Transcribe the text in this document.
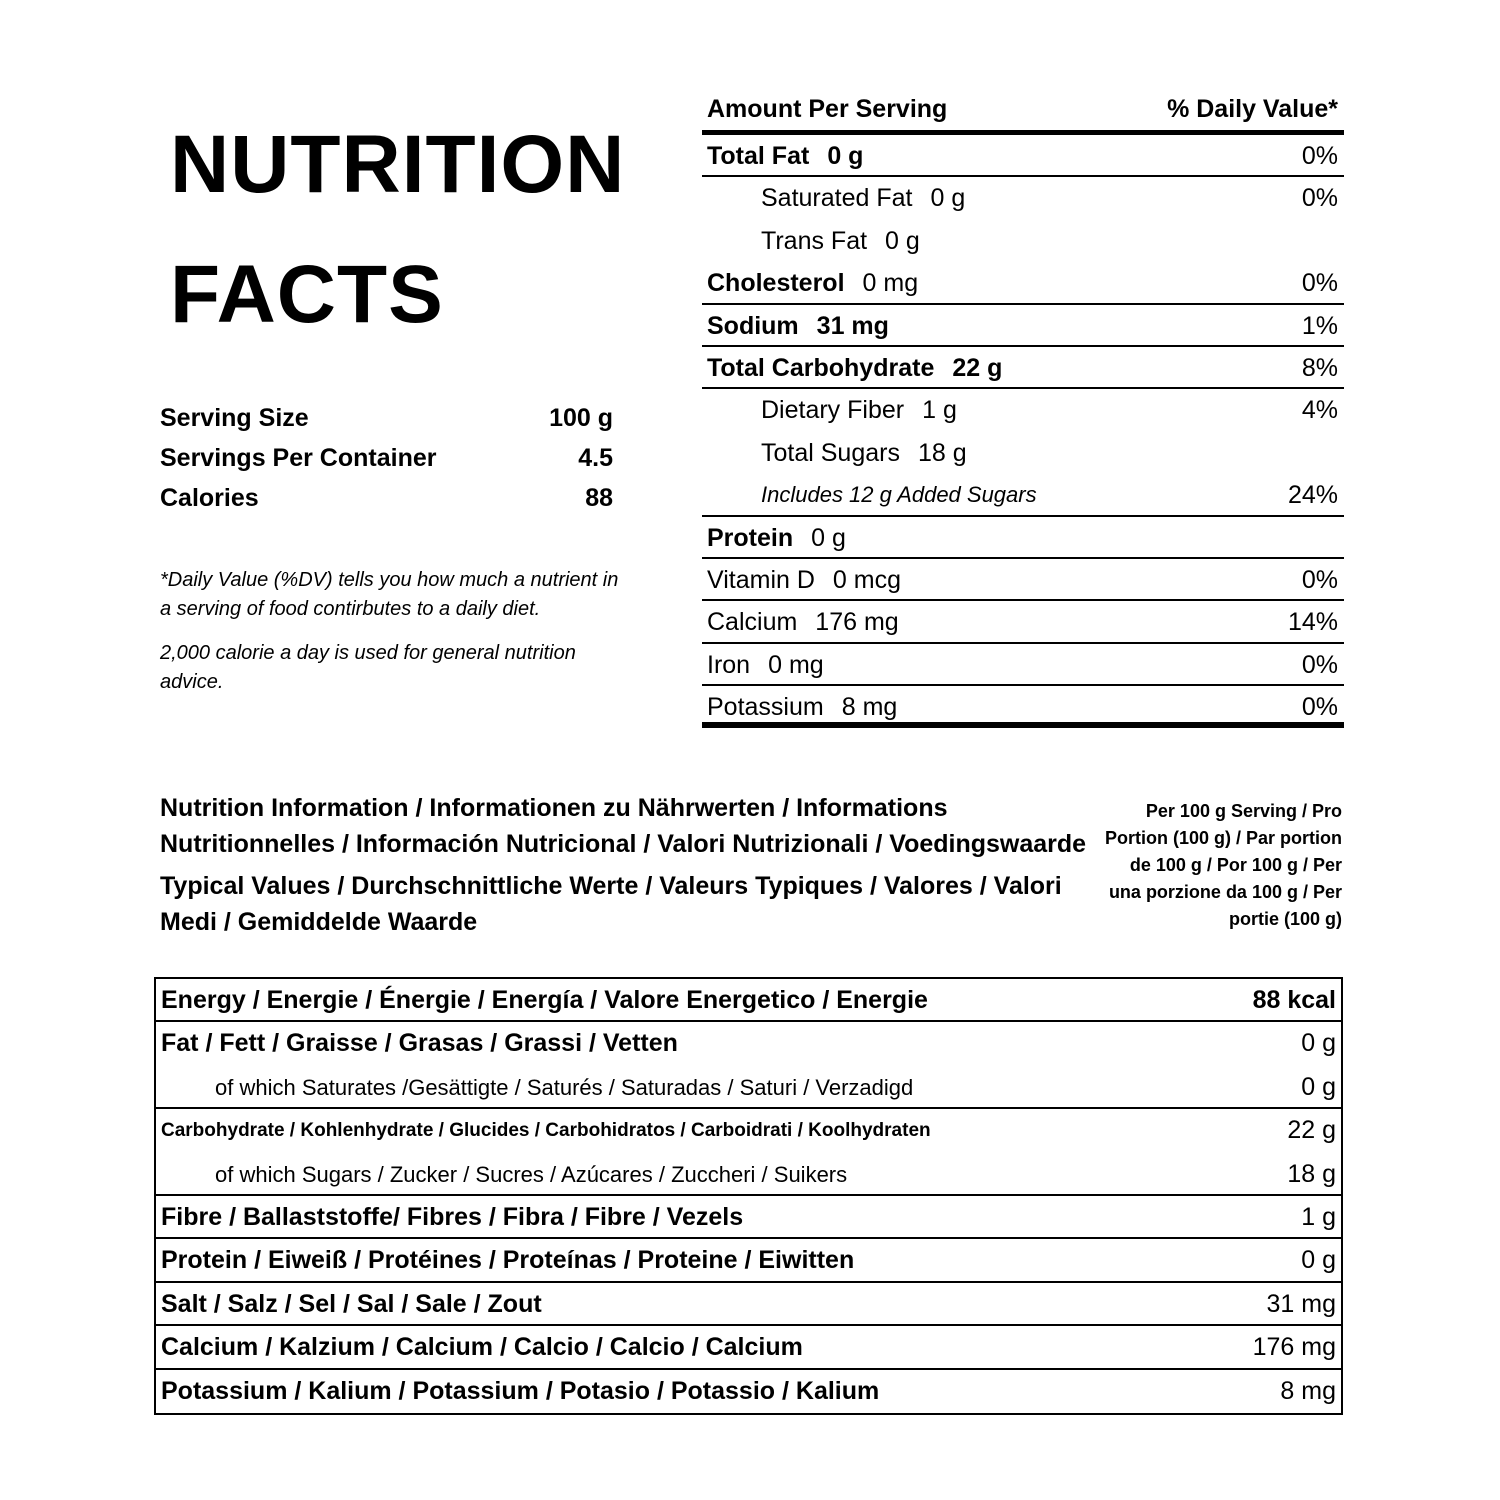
NUTRITION
FACTS
Serving Size	100 g
Servings Per Container	4.5
Calories	88

*Daily Value (%DV) tells you how much a nutrient in a serving of food contirbutes to a daily diet.

2,000 calorie a day is used for general nutrition advice.

Amount Per Serving	% Daily Value*
Total Fat 0 g	0%
Saturated Fat 0 g	0%
Trans Fat 0 g
Cholesterol 0 mg	0%
Sodium 31 mg	1%
Total Carbohydrate 22 g	8%
Dietary Fiber 1 g	4%
Total Sugars 18 g
Includes 12 g Added Sugars	24%
Protein 0 g
Vitamin D 0 mcg	0%
Calcium 176 mg	14%
Iron 0 mg	0%
Potassium 8 mg	0%
Nutrition Information / Informationen zu Nährwerten / Informations Nutritionnelles / Información Nutricional / Valori Nutrizionali / Voedingswaarde
Typical Values / Durchschnittliche Werte / Valeurs Typiques / Valores / Valori Medi / Gemiddelde Waarde
Per 100 g Serving / Pro Portion (100 g) / Par portion de 100 g / Por 100 g / Per una porzione da 100 g / Per portie (100 g)
Energy / Energie / Énergie / Energía / Valore Energetico / Energie	88 kcal
Fat / Fett / Graisse / Grasas / Grassi / Vetten	0 g
of which Saturates /Gesättigte / Saturés / Saturadas / Saturi / Verzadigd	0 g
Carbohydrate / Kohlenhydrate / Glucides / Carbohidratos / Carboidrati / Koolhydraten	22 g
of which Sugars / Zucker / Sucres / Azúcares / Zuccheri / Suikers	18 g
Fibre / Ballaststoffe/ Fibres / Fibra / Fibre / Vezels	1 g
Protein / Eiweiß / Protéines / Proteínas / Proteine / Eiwitten	0 g
Salt / Salz / Sel / Sal / Sale / Zout	31 mg
Calcium / Kalzium / Calcium / Calcio / Calcio / Calcium	176 mg
Potassium / Kalium / Potassium / Potasio / Potassio / Kalium	8 mg
